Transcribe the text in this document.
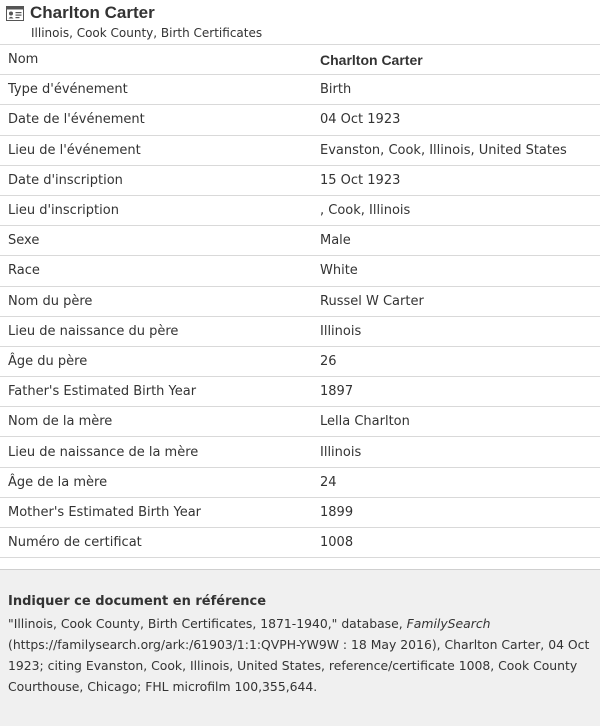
Charlton Carter
Illinois, Cook County, Birth Certificates
Nom	Charlton Carter
Type d'événement	Birth
Date de l'événement	04 Oct 1923
Lieu de l'événement	Evanston, Cook, Illinois, United States
Date d'inscription	15 Oct 1923
Lieu d'inscription	, Cook, Illinois
Sexe	Male
Race	White
Nom du père	Russel W Carter
Lieu de naissance du père	Illinois
Âge du père	26
Father's Estimated Birth Year	1897
Nom de la mère	Lella Charlton
Lieu de naissance de la mère	Illinois
Âge de la mère	24
Mother's Estimated Birth Year	1899
Numéro de certificat	1008
Indiquer ce document en référence
"Illinois, Cook County, Birth Certificates, 1871-1940," database, FamilySearch (https://familysearch.org/ark:/61903/1:1:QVPH-YW9W : 18 May 2016), Charlton Carter, 04 Oct 1923; citing Evanston, Cook, Illinois, United States, reference/certificate 1008, Cook County Courthouse, Chicago; FHL microfilm 100,355,644.
